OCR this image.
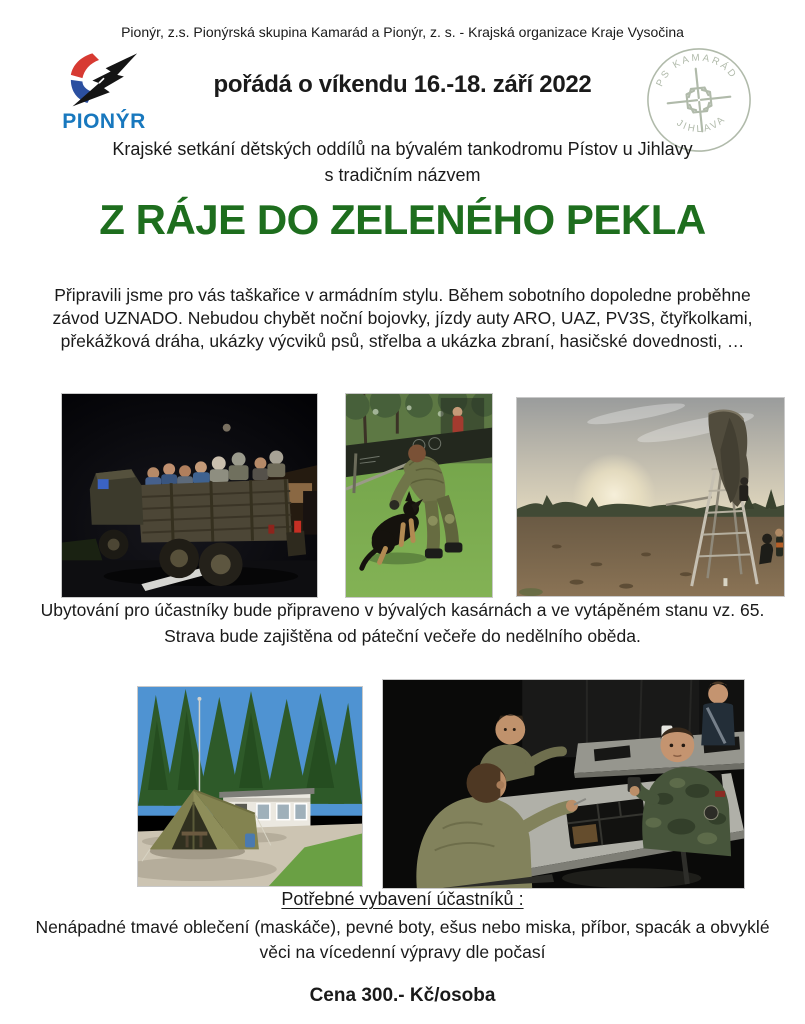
Pionýr, z.s. Pionýrská skupina Kamarád a Pionýr, z. s. - Krajská organizace Kraje Vysočina
PIONÝR
pořádá o víkendu 16.-18. září 2022	PS KAMARÁD
JIHLAVA
Krajské setkání dětských oddílů na bývalém tankodromu Pístov u Jihlavy
s tradičním názvem
Z RÁJE DO ZELENÉHO PEKLA
Připravili jsme pro vás taškařice v armádním stylu. Během sobotního dopoledne proběhne
závod UZNADO. Nebudou chybět noční bojovky, jízdy auty ARO, UAZ, PV3S, čtyřkolkami,
překážková dráha, ukázky výcviků psů, střelba a ukázka zbraní, hasičské dovednosti, …
Ubytování pro účastníky bude připraveno v bývalých kasárnách a ve vytápěném stanu vz. 65.
Strava bude zajištěna od páteční večeře do nedělního oběda.
Potřebné vybavení účastníků :
Nenápadné tmavé oblečení (maskáče), pevné boty, ešus nebo miska, příbor, spacák a obvyklé
věci na vícedenní výpravy dle počasí
Cena 300.- Kč/osoba
